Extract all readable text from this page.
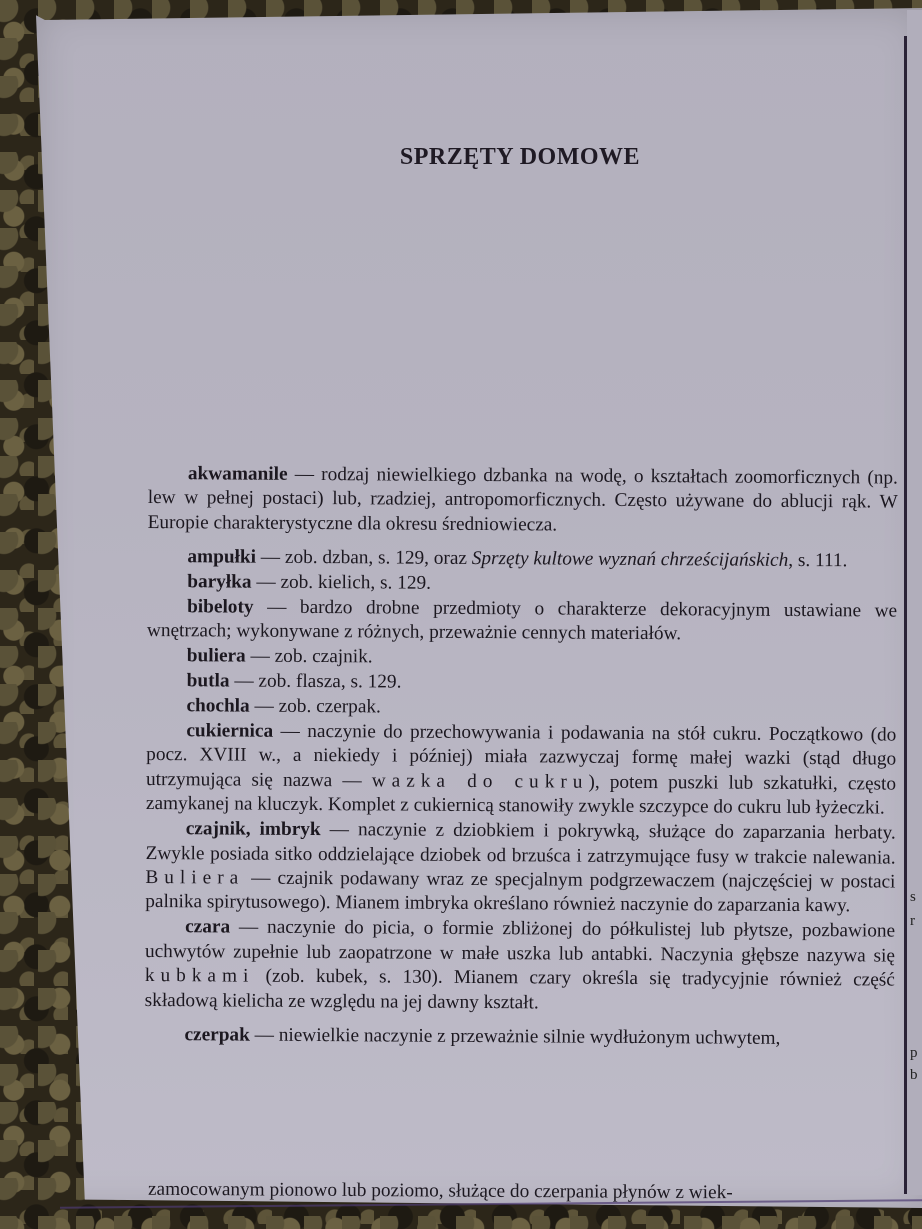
s
r
p
b
SPRZĘTY DOMOWE

akwamanile — rodzaj niewielkiego dzbanka na wodę, o kształtach zoomorficznych (np. lew w pełnej postaci) lub, rzadziej, antropomorficznych. Często używane do ablucji rąk. W Europie charakterystyczne dla okresu średniowiecza.

ampułki — zob. dzban, s. 129, oraz Sprzęty kultowe wyznań chrześcijańskich, s. 111.

baryłka — zob. kielich, s. 129.

bibeloty — bardzo drobne przedmioty o charakterze dekoracyjnym ustawiane we wnętrzach; wykonywane z różnych, przeważnie cennych materiałów.

buliera — zob. czajnik.

butla — zob. flasza, s. 129.

chochla — zob. czerpak.

cukiernica — naczynie do przechowywania i podawania na stół cukru. Początkowo (do pocz. XVIII w., a niekiedy i później) miała zazwyczaj formę małej wazki (stąd długo utrzymująca się nazwa — wazka do cukru), potem puszki lub szkatułki, często zamykanej na kluczyk. Komplet z cukiernicą stanowiły zwykle szczypce do cukru lub łyżeczki.

czajnik, imbryk — naczynie z dziobkiem i pokrywką, służące do zaparzania herbaty. Zwykle posiada sitko oddzielające dziobek od brzuśca i zatrzymujące fusy w trakcie nalewania. Buliera — czajnik podawany wraz ze specjalnym podgrzewaczem (najczęściej w postaci palnika spirytusowego). Mianem imbryka określano również naczynie do zaparzania kawy.

czara — naczynie do picia, o formie zbliżonej do półkulistej lub płytsze, pozbawione uchwytów zupełnie lub zaopatrzone w małe uszka lub antabki. Naczynia głębsze nazywa się kubkami (zob. kubek, s. 130). Mianem czary określa się tradycyjnie również część składową kielicha ze względu na jej dawny kształt.

czerpak — niewielkie naczynie z przeważnie silnie wydłużonym uchwytem,

zamocowanym pionowo lub poziomo, służące do czerpania płynów z wiek-
